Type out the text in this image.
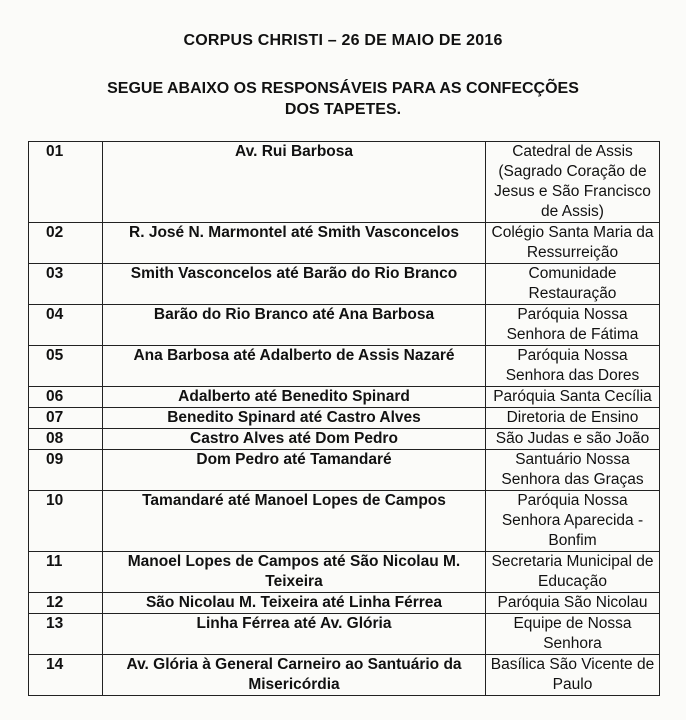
CORPUS CHRISTI – 26 DE MAIO DE 2016
SEGUE ABAIXO OS RESPONSÁVEIS PARA AS CONFECÇÕES
DOS TAPETES.
01	Av. Rui Barbosa	Catedral de Assis (Sagrado Coração de Jesus e São Francisco de Assis)
02	R. José N. Marmontel até Smith Vasconcelos	Colégio Santa Maria da Ressurreição
03	Smith Vasconcelos até Barão do Rio Branco	Comunidade Restauração
04	Barão do Rio Branco até Ana Barbosa	Paróquia Nossa Senhora de Fátima
05	Ana Barbosa até Adalberto de Assis Nazaré	Paróquia Nossa Senhora das Dores
06	Adalberto até Benedito Spinard	Paróquia Santa Cecília
07	Benedito Spinard até Castro Alves	Diretoria de Ensino
08	Castro Alves até Dom Pedro	São Judas e são João
09	Dom Pedro até Tamandaré	Santuário Nossa Senhora das Graças
10	Tamandaré até Manoel Lopes de Campos	Paróquia Nossa Senhora Aparecida - Bonfim
11	Manoel Lopes de Campos até São Nicolau M. Teixeira	Secretaria Municipal de Educação
12	São Nicolau M. Teixeira até Linha Férrea	Paróquia São Nicolau
13	Linha Férrea até Av. Glória	Equipe de Nossa Senhora
14	Av. Glória à General Carneiro ao Santuário da Misericórdia	Basílica São Vicente de Paulo
